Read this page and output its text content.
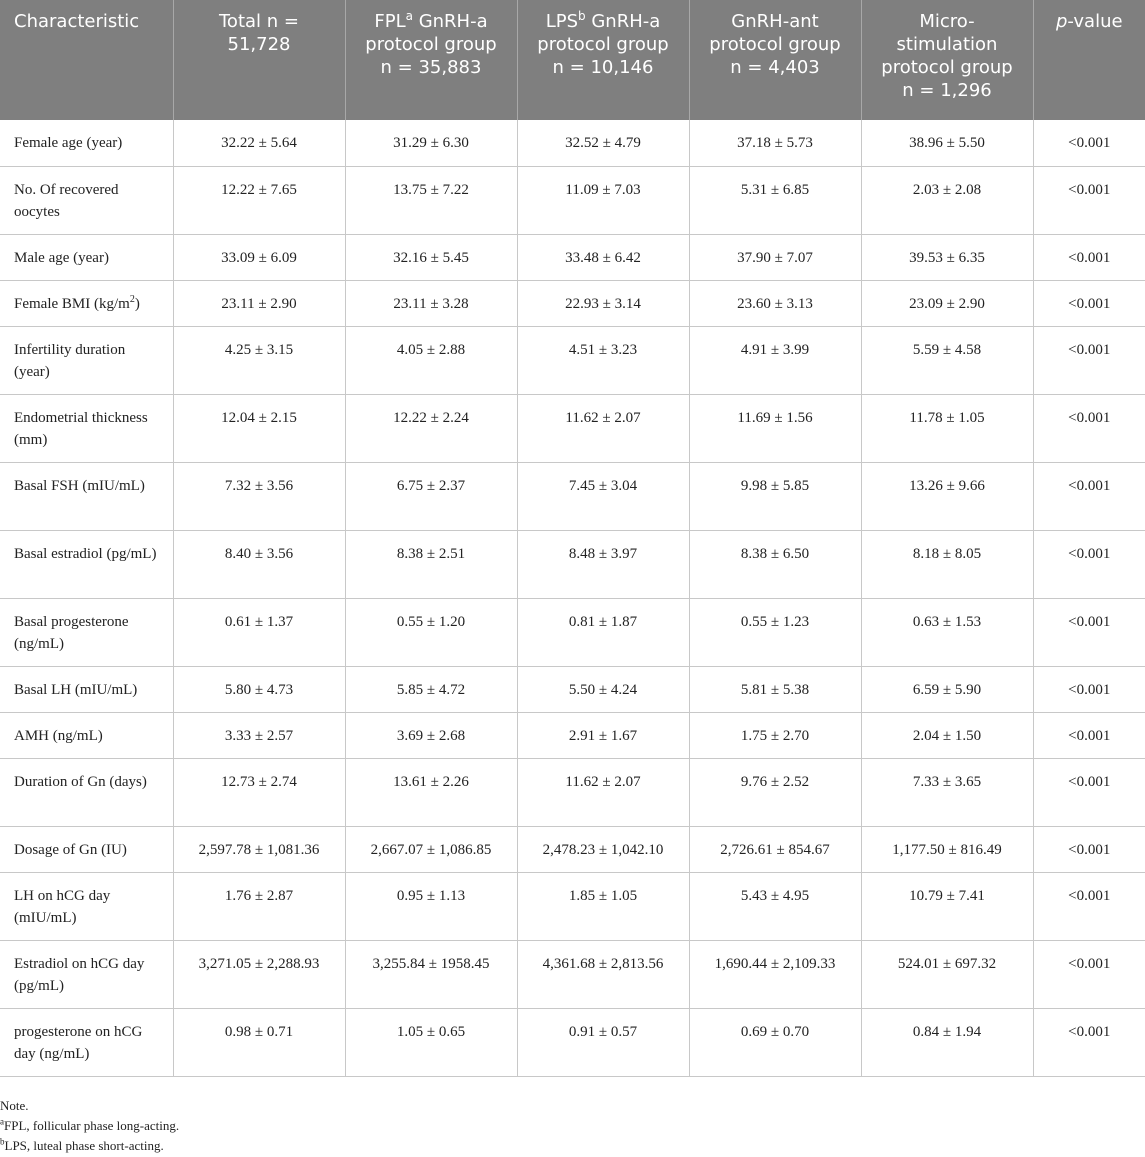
Characteristic	Total n = 51,728	FPL$^a$ GnRH-a protocol group n = 35,883	LPS$^b$ GnRH-a protocol group n = 10,146	GnRH-ant protocol group n = 4,403	Micro-stimulation protocol group n = 1,296	p-value
Female age (year)	32.22 ± 5.64	31.29 ± 6.30	32.52 ± 4.79	37.18 ± 5.73	38.96 ± 5.50	<0.001
No. Of recovered oocytes	12.22 ± 7.65	13.75 ± 7.22	11.09 ± 7.03	5.31 ± 6.85	2.03 ± 2.08	<0.001
Male age (year)	33.09 ± 6.09	32.16 ± 5.45	33.48 ± 6.42	37.90 ± 7.07	39.53 ± 6.35	<0.001
Female BMI $(kg/m^2)$	23.11 ± 2.90	23.11 ± 3.28	22.93 ± 3.14	23.60 ± 3.13	23.09 ± 2.90	<0.001
Infertility duration (year)	4.25 ± 3.15	4.05 ± 2.88	4.51 ± 3.23	4.91 ± 3.99	5.59 ± 4.58	<0.001
Endometrial thickness (mm)	12.04 ± 2.15	12.22 ± 2.24	11.62 ± 2.07	11.69 ± 1.56	11.78 ± 1.05	<0.001
Basal FSH (mIU/mL)	7.32 ± 3.56	6.75 ± 2.37	7.45 ± 3.04	9.98 ± 5.85	13.26 ± 9.66	<0.001
Basal estradiol (pg/mL)	8.40 ± 3.56	8.38 ± 2.51	8.48 ± 3.97	8.38 ± 6.50	8.18 ± 8.05	<0.001
Basal progesterone (ng/mL)	0.61 ± 1.37	0.55 ± 1.20	0.81 ± 1.87	0.55 ± 1.23	0.63 ± 1.53	<0.001
Basal LH (mIU/mL)	5.80 ± 4.73	5.85 ± 4.72	5.50 ± 4.24	5.81 ± 5.38	6.59 ± 5.90	<0.001
AMH (ng/mL)	3.33 ± 2.57	3.69 ± 2.68	2.91 ± 1.67	1.75 ± 2.70	2.04 ± 1.50	<0.001
Duration of Gn (days)	12.73 ± 2.74	13.61 ± 2.26	11.62 ± 2.07	9.76 ± 2.52	7.33 ± 3.65	<0.001
Dosage of Gn (IU)	2,597.78 ± 1,081.36	2,667.07 ± 1,086.85	2,478.23 ± 1,042.10	2,726.61 ± 854.67	1,177.50 ± 816.49	<0.001
LH on hCG day (mIU/mL)	1.76 ± 2.87	0.95 ± 1.13	1.85 ± 1.05	5.43 ± 4.95	10.79 ± 7.41	<0.001
Estradiol on hCG day (pg/mL)	3,271.05 ± 2,288.93	3,255.84 ± 1958.45	4,361.68 ± 2,813.56	1,690.44 ± 2,109.33	524.01 ± 697.32	<0.001
progesterone on hCG day (ng/mL)	0.98 ± 0.71	1.05 ± 0.65	0.91 ± 0.57	0.69 ± 0.70	0.84 ± 1.94	<0.001
Note.
$^a$FPL, follicular phase long-acting.
$^b$LPS, luteal phase short-acting.
